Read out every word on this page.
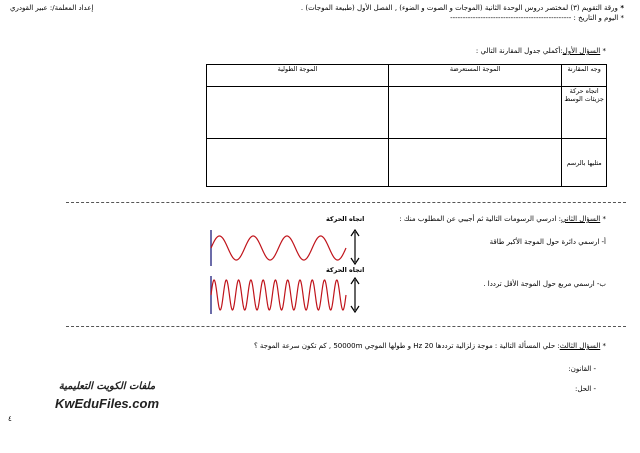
* ورقة التقويم (٣) لمختصر دروس الوحدة الثانية (الموجات و الصوت و الضوء) , الفصل الأول (طبيعة الموجات) .
* اليوم و التاريخ : ------------------------------------------------
إعداد المعلمة/: عبير القودري
* السؤال الأول:أكملي جدول المقارنة التالي :
الموجة الطولية	الموجة المستعرضة	وجه المقارنة
		اتجاه حركة جزيئات الوسط
		مثليها بالرسم
* السؤال الثاني: ادرسي الرسومات التالية ثم أجيبي عن المطلوب منك :
أ- ارسمي دائرة حول الموجة الأكبر طاقة
ب- ارسمي مربع حول الموجة الأقل ترددا .
اتجاه الحركة
اتجاه الحركة
* السؤال الثالث: حلي المسألة التالية : موجة زلزالية ترددها 20 Hz و طولها الموجي 50000m , كم تكون سرعة الموجة ؟
- القانون:
- الحل:
ملفات الكويت التعليمية
KwEduFiles.com
٤
